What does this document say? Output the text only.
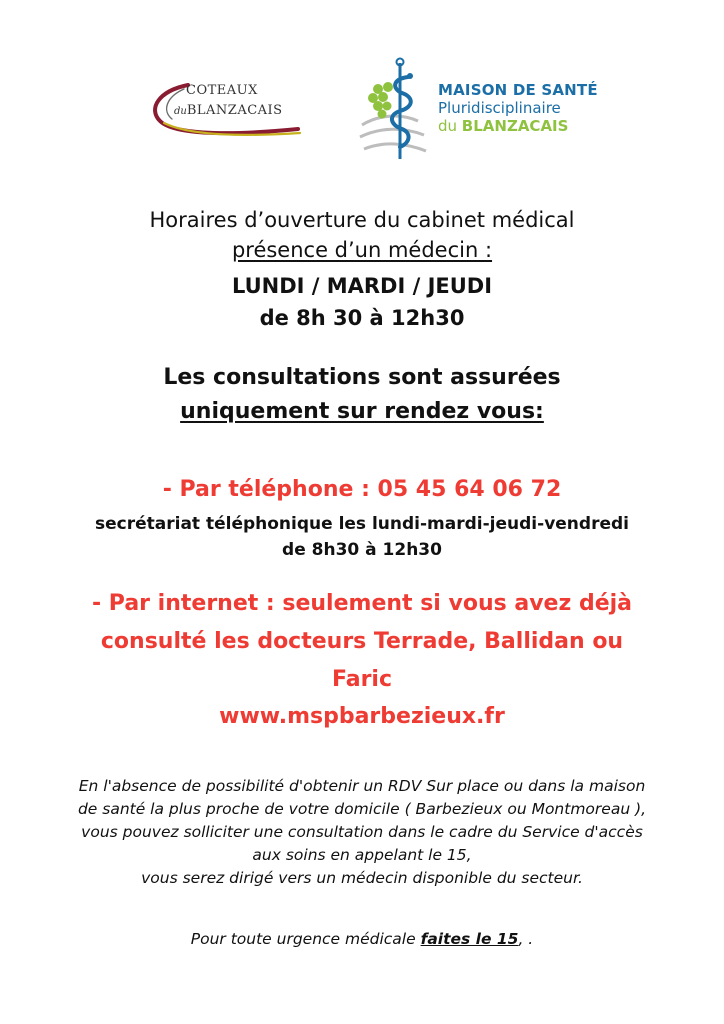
COTEAUX
duBLANZACAIS
MAISON DE SANTÉ
Pluridisciplinaire
du BLANZACAIS
Horaires d’ouverture du cabinet médical
présence d’un médecin :
LUNDI / MARDI / JEUDI
de 8h 30 à 12h30
Les consultations sont assurées
uniquement sur rendez vous:
- Par téléphone : 05 45 64 06 72
secrétariat téléphonique les lundi-mardi-jeudi-vendredi
de 8h30 à 12h30
- Par internet : seulement si vous avez déjà
consulté les docteurs Terrade, Ballidan ou
Faric
www.mspbarbezieux.fr
En l'absence de possibilité d'obtenir un RDV Sur place ou dans la maison
de santé la plus proche de votre domicile ( Barbezieux ou Montmoreau ),
vous pouvez solliciter une consultation dans le cadre du Service d'accès
aux soins en appelant le 15,
vous serez dirigé vers un médecin disponible du secteur.
Pour toute urgence médicale faites le 15, .
